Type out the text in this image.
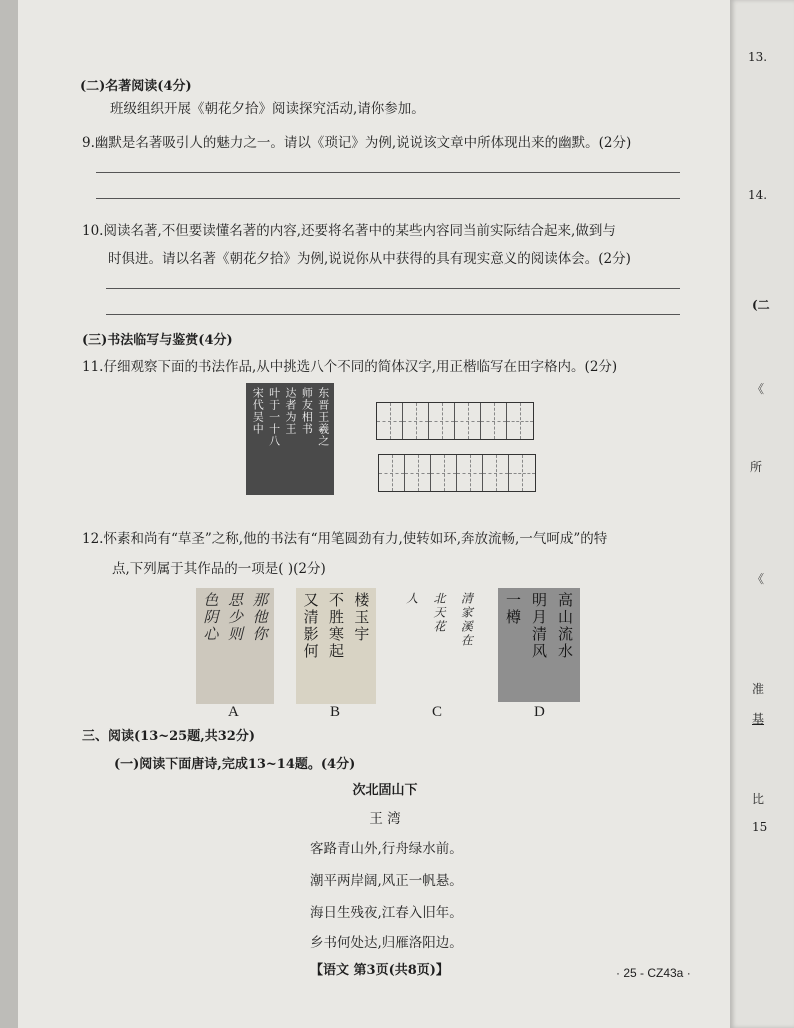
(二)名著阅读(4分)
班级组织开展《朝花夕拾》阅读探究活动,请你参加。
9.幽默是名著吸引人的魅力之一。请以《琐记》为例,说说该文章中所体现出来的幽默。(2分)
10.阅读名著,不但要读懂名著的内容,还要将名著中的某些内容同当前实际结合起来,做到与
时俱进。请以名著《朝花夕拾》为例,说说你从中获得的具有现实意义的阅读体会。(2分)
(三)书法临写与鉴赏(4分)
11.仔细观察下面的书法作品,从中挑选八个不同的简体汉字,用正楷临写在田字格内。(2分)
东晋王羲之
师友相书
达者为王
叶于一十八
宋代吴中
12.怀素和尚有“草圣”之称,他的书法有“用笔圆劲有力,使转如环,奔放流畅,一气呵成”的特
点,下列属于其作品的一项是( )(2分)
那他你
思少则
色阴心
A
楼玉宇
不胜寒起
又清影何
B
清家溪在
北天花
人
C
高山流水
明月清风
一樽
D
三、阅读(13~25题,共32分)
(一)阅读下面唐诗,完成13~14题。(4分)
次北固山下
王 湾
客路青山外,行舟绿水前。
潮平两岸阔,风正一帆悬。
海日生残夜,江春入旧年。
乡书何处达,归雁洛阳边。
【语文 第3页(共8页)】	· 25 - CZ43a ·
13.
14.
(二
《
所
《
准
基
比
15
